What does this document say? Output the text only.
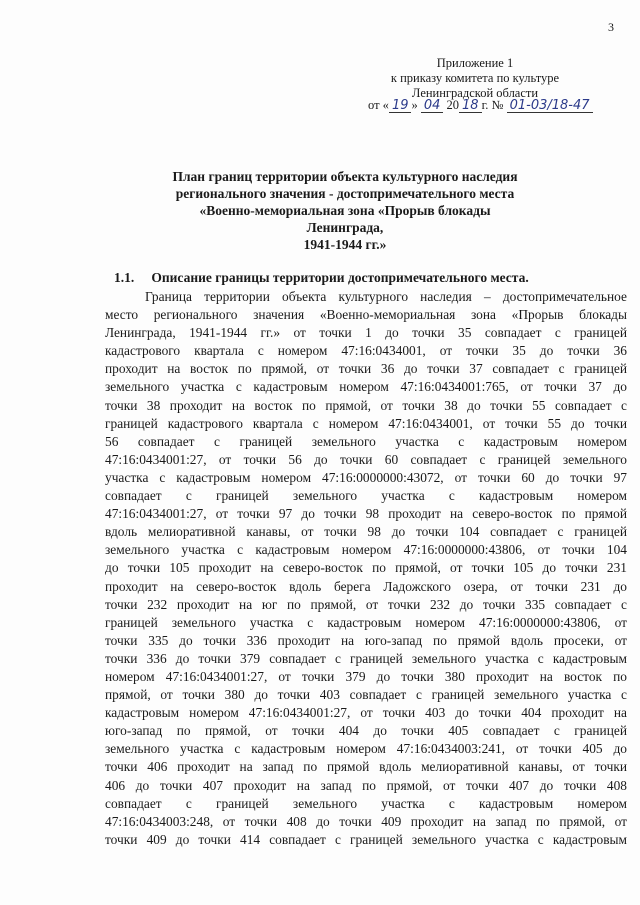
3
Приложение 1
к приказу комитета по культуре
Ленинградской области
от « 19 » 04 20 18 г. № 01-03/18-47
План границ территории объекта культурного наследия
регионального значения - достопримечательного места
«Военно-мемориальная зона «Прорыв блокады Ленинграда,
1941-1944 гг.»
1.1. Описание границы территории достопримечательного места.
Граница территории объекта культурного наследия – достопримечательное
место регионального значения «Военно-мемориальная зона «Прорыв блокады
Ленинграда, 1941-1944 гг.» от точки 1 до точки 35 совпадает с границей
кадастрового квартала с номером 47:16:0434001, от точки 35 до точки 36
проходит на восток по прямой, от точки 36 до точки 37 совпадает с границей
земельного участка с кадастровым номером 47:16:0434001:765, от точки 37 до
точки 38 проходит на восток по прямой, от точки 38 до точки 55 совпадает с
границей кадастрового квартала с номером 47:16:0434001, от точки 55 до точки
56 совпадает с границей земельного участка с кадастровым номером
47:16:0434001:27, от точки 56 до точки 60 совпадает с границей земельного
участка с кадастровым номером 47:16:0000000:43072, от точки 60 до точки 97
совпадает с границей земельного участка с кадастровым номером
47:16:0434001:27, от точки 97 до точки 98 проходит на северо-восток по прямой
вдоль мелиоративной канавы, от точки 98 до точки 104 совпадает с границей
земельного участка с кадастровым номером 47:16:0000000:43806, от точки 104
до точки 105 проходит на северо-восток по прямой, от точки 105 до точки 231
проходит на северо-восток вдоль берега Ладожского озера, от точки 231 до
точки 232 проходит на юг по прямой, от точки 232 до точки 335 совпадает с
границей земельного участка с кадастровым номером 47:16:0000000:43806, от
точки 335 до точки 336 проходит на юго-запад по прямой вдоль просеки, от
точки 336 до точки 379 совпадает с границей земельного участка с кадастровым
номером 47:16:0434001:27, от точки 379 до точки 380 проходит на восток по
прямой, от точки 380 до точки 403 совпадает с границей земельного участка с
кадастровым номером 47:16:0434001:27, от точки 403 до точки 404 проходит на
юго-запад по прямой, от точки 404 до точки 405 совпадает с границей
земельного участка с кадастровым номером 47:16:0434003:241, от точки 405 до
точки 406 проходит на запад по прямой вдоль мелиоративной канавы, от точки
406 до точки 407 проходит на запад по прямой, от точки 407 до точки 408
совпадает с границей земельного участка с кадастровым номером
47:16:0434003:248, от точки 408 до точки 409 проходит на запад по прямой, от
точки 409 до точки 414 совпадает с границей земельного участка с кадастровым
